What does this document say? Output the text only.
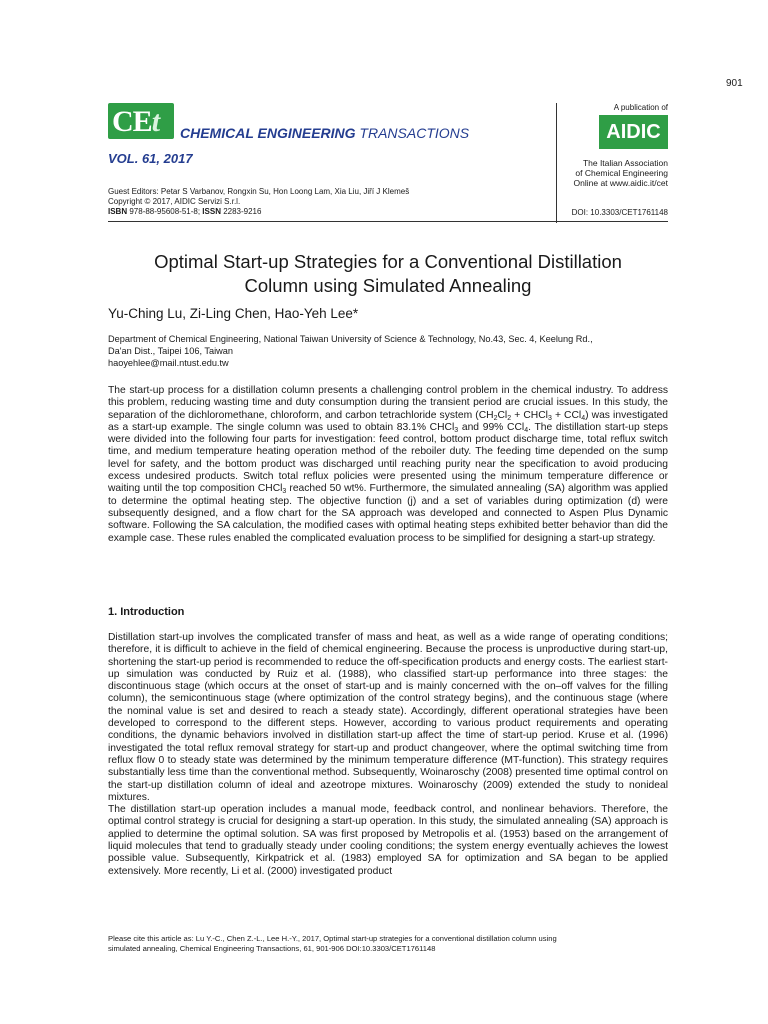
901
CEt CHEMICAL ENGINEERING TRANSACTIONS
VOL. 61, 2017
A publication of
AIDIC
The Italian Association
of Chemical Engineering
Online at www.aidic.it/cet
Guest Editors: Petar S Varbanov, Rongxin Su, Hon Loong Lam, Xia Liu, Jiří J Klemeš
Copyright © 2017, AIDIC Servizi S.r.l.
ISBN 978-88-95608-51-8; ISSN 2283-9216	DOI: 10.3303/CET1761148
Optimal Start-up Strategies for a Conventional Distillation
Column using Simulated Annealing
Yu-Ching Lu, Zi-Ling Chen, Hao-Yeh Lee*
Department of Chemical Engineering, National Taiwan University of Science & Technology, No.43, Sec. 4, Keelung Rd.,
Da'an Dist., Taipei 106, Taiwan
haoyehlee@mail.ntust.edu.tw
The start-up process for a distillation column presents a challenging control problem in the chemical industry. To address this problem, reducing wasting time and duty consumption during the transient period are crucial issues. In this study, the separation of the dichloromethane, chloroform, and carbon tetrachloride system ($CH_2Cl_2$ + CHCl$_3$ + CCl$_4$) was investigated as a start-up example. The single column was used to obtain 83.1% CHCl$_3$ and 99% CCl$_4$. The distillation start-up steps were divided into the following four parts for investigation: feed control, bottom product discharge time, total reflux switch time, and medium temperature heating operation method of the reboiler duty. The feeding time depended on the sump level for safety, and the bottom product was discharged until reaching purity near the specification to avoid producing excess undesired products. Switch total reflux policies were presented using the minimum temperature difference or waiting until the top composition CHCl$_3$ reached 50 wt%. Furthermore, the simulated annealing (SA) algorithm was applied to determine the optimal heating step. The objective function (j) and a set of variables during optimization (d) were subsequently designed, and a flow chart for the SA approach was developed and connected to Aspen Plus Dynamic software. Following the SA calculation, the modified cases with optimal heating steps exhibited better behavior than did the example case. These rules enabled the complicated evaluation process to be simplified for designing a start-up strategy.
1. Introduction

Distillation start-up involves the complicated transfer of mass and heat, as well as a wide range of operating conditions; therefore, it is difficult to achieve in the field of chemical engineering. Because the process is unproductive during start-up, shortening the start-up period is recommended to reduce the off-specification products and energy costs. The earliest start-up simulation was conducted by Ruiz et al. (1988), who classified start-up performance into three stages: the discontinuous stage (which occurs at the onset of start-up and is mainly concerned with the on–off valves for the filling column), the semicontinuous stage (where optimization of the control strategy begins), and the continuous stage (where the nominal value is set and desired to reach a steady state). Accordingly, different operational strategies have been developed to correspond to the different steps. However, according to various product requirements and operating conditions, the dynamic behaviors involved in distillation start-up affect the time of start-up period. Kruse et al. (1996) investigated the total reflux removal strategy for start-up and product changeover, where the optimal switching time from reflux flow 0 to steady state was determined by the minimum temperature difference (MT-function). This strategy requires substantially less time than the conventional method. Subsequently, Woinaroschy (2008) presented time optimal control on the start-up distillation column of ideal and azeotrope mixtures. Woinaroschy (2009) extended the study to nonideal mixtures.

The distillation start-up operation includes a manual mode, feedback control, and nonlinear behaviors. Therefore, the optimal control strategy is crucial for designing a start-up operation. In this study, the simulated annealing (SA) approach is applied to determine the optimal solution. SA was first proposed by Metropolis et al. (1953) based on the arrangement of liquid molecules that tend to gradually steady under cooling conditions; the system energy eventually achieves the lowest possible value. Subsequently, Kirkpatrick et al. (1983) employed SA for optimization and SA began to be applied extensively. More recently, Li et al. (2000) investigated product

Please cite this article as: Lu Y.-C., Chen Z.-L., Lee H.-Y., 2017, Optimal start-up strategies for a conventional distillation column using
simulated annealing, Chemical Engineering Transactions, 61, 901-906 DOI:10.3303/CET1761148
